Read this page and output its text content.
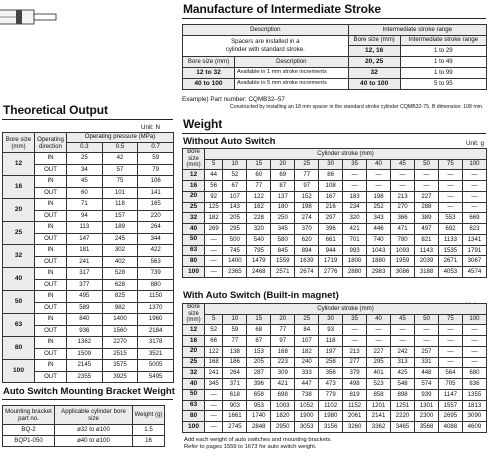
Manufacture of Intermediate Stroke
Description		Intermediate stroke range	
Spacers are installed in a
cylinder with standard stroke.		Bore size (mm)	Intermediate stroke range
		12, 16	1 to 29
Bore size (mm)	Description	20, 25	1 to 49
12 to 32	Available in 1 mm stroke increments	32	1 to 99
40 to 100	Available in 5 mm stroke increments	40 to 100	5 to 95
Example) Part number: CQMB32–57
Constructed by installing an 18 mm spacer in the standard stroke cylinder CQMB32-75. B dimension: 108 mm.
Theoretical Output
Unit: N
Bore size (mm)	Operating direction	Operating pressure (MPa)		
		0.3	0.5	0.7
12	IN	25	42	59
	OUT	34	57	79
16	IN	45	75	106
	OUT	60	101	141
20	IN	71	118	165
	OUT	94	157	220
25	IN	113	189	264
	OUT	147	245	344
32	IN	181	302	422
	OUT	241	402	563
40	IN	317	528	739
	OUT	377	628	880
50	IN	495	825	1150
	OUT	589	982	1370
63	IN	840	1400	1960
	OUT	936	1560	2184
80	IN	1362	2270	3178
	OUT	1509	2515	3521
100	IN	2145	3575	5005
	OUT	2355	3925	5495
Auto Switch Mounting Bracket Weight
Mounting bracket part no.	Applicable cylinder bore size	Weight (g)
BQ-2	ø32 to ø100	1.5
BQP1-050	ø40 to ø100	16
Weight
Without Auto Switch	Unit: g
Bore size (mm)	Cylinder stroke (mm)											
	5	10	15	20	25	30	35	40	45	50	75	100
12	44	52	60	69	77	86	—	—	—	—	—	—
16	56	67	77	87	97	108	—	—	—	—	—	—
20	92	107	122	137	152	167	183	198	213	227	—	—
25	125	143	162	180	198	216	234	252	270	288	—	—
32	182	205	228	250	274	297	320	343	366	389	553	669
40	269	295	320	345	370	396	421	446	471	497	692	823
50	—	500	540	580	620	661	701	740	780	821	1133	1341
63	—	745	795	845	894	944	993	1043	1093	1143	1535	1791
80	—	1400	1479	1559	1639	1719	1800	1880	1959	2039	2671	3067
100	—	2365	2468	2571	2674	2776	2880	2983	3086	3188	4053	4574
With Auto Switch (Built-in magnet)
Bore size (mm)	Cylinder stroke (mm)											
	5	10	15	20	25	30	35	40	45	50	75	100
12	52	59	68	77	84	93	—	—	—	—	—	—
16	66	77	87	97	107	118	—	—	—	—	—	—
20	122	138	153	168	182	197	213	227	242	257	—	—
25	168	186	205	223	240	258	277	295	313	331	—	—
32	241	264	287	309	333	356	379	401	425	448	564	680
40	345	371	396	421	447	473	498	523	548	574	705	836
50	—	618	658	698	738	779	819	858	898	939	1147	1355
63	—	903	953	1003	1052	1102	1152	1201	1251	1301	1557	1813
80	—	1661	1740	1820	1900	1980	2061	2141	2220	2300	2695	3090
100	—	2745	2848	2950	3053	3156	3260	3362	3465	3568	4088	4609
Add each weight of auto switches and mounting brackets.
Refer to pages 1559 to 1673 for auto switch weight.
